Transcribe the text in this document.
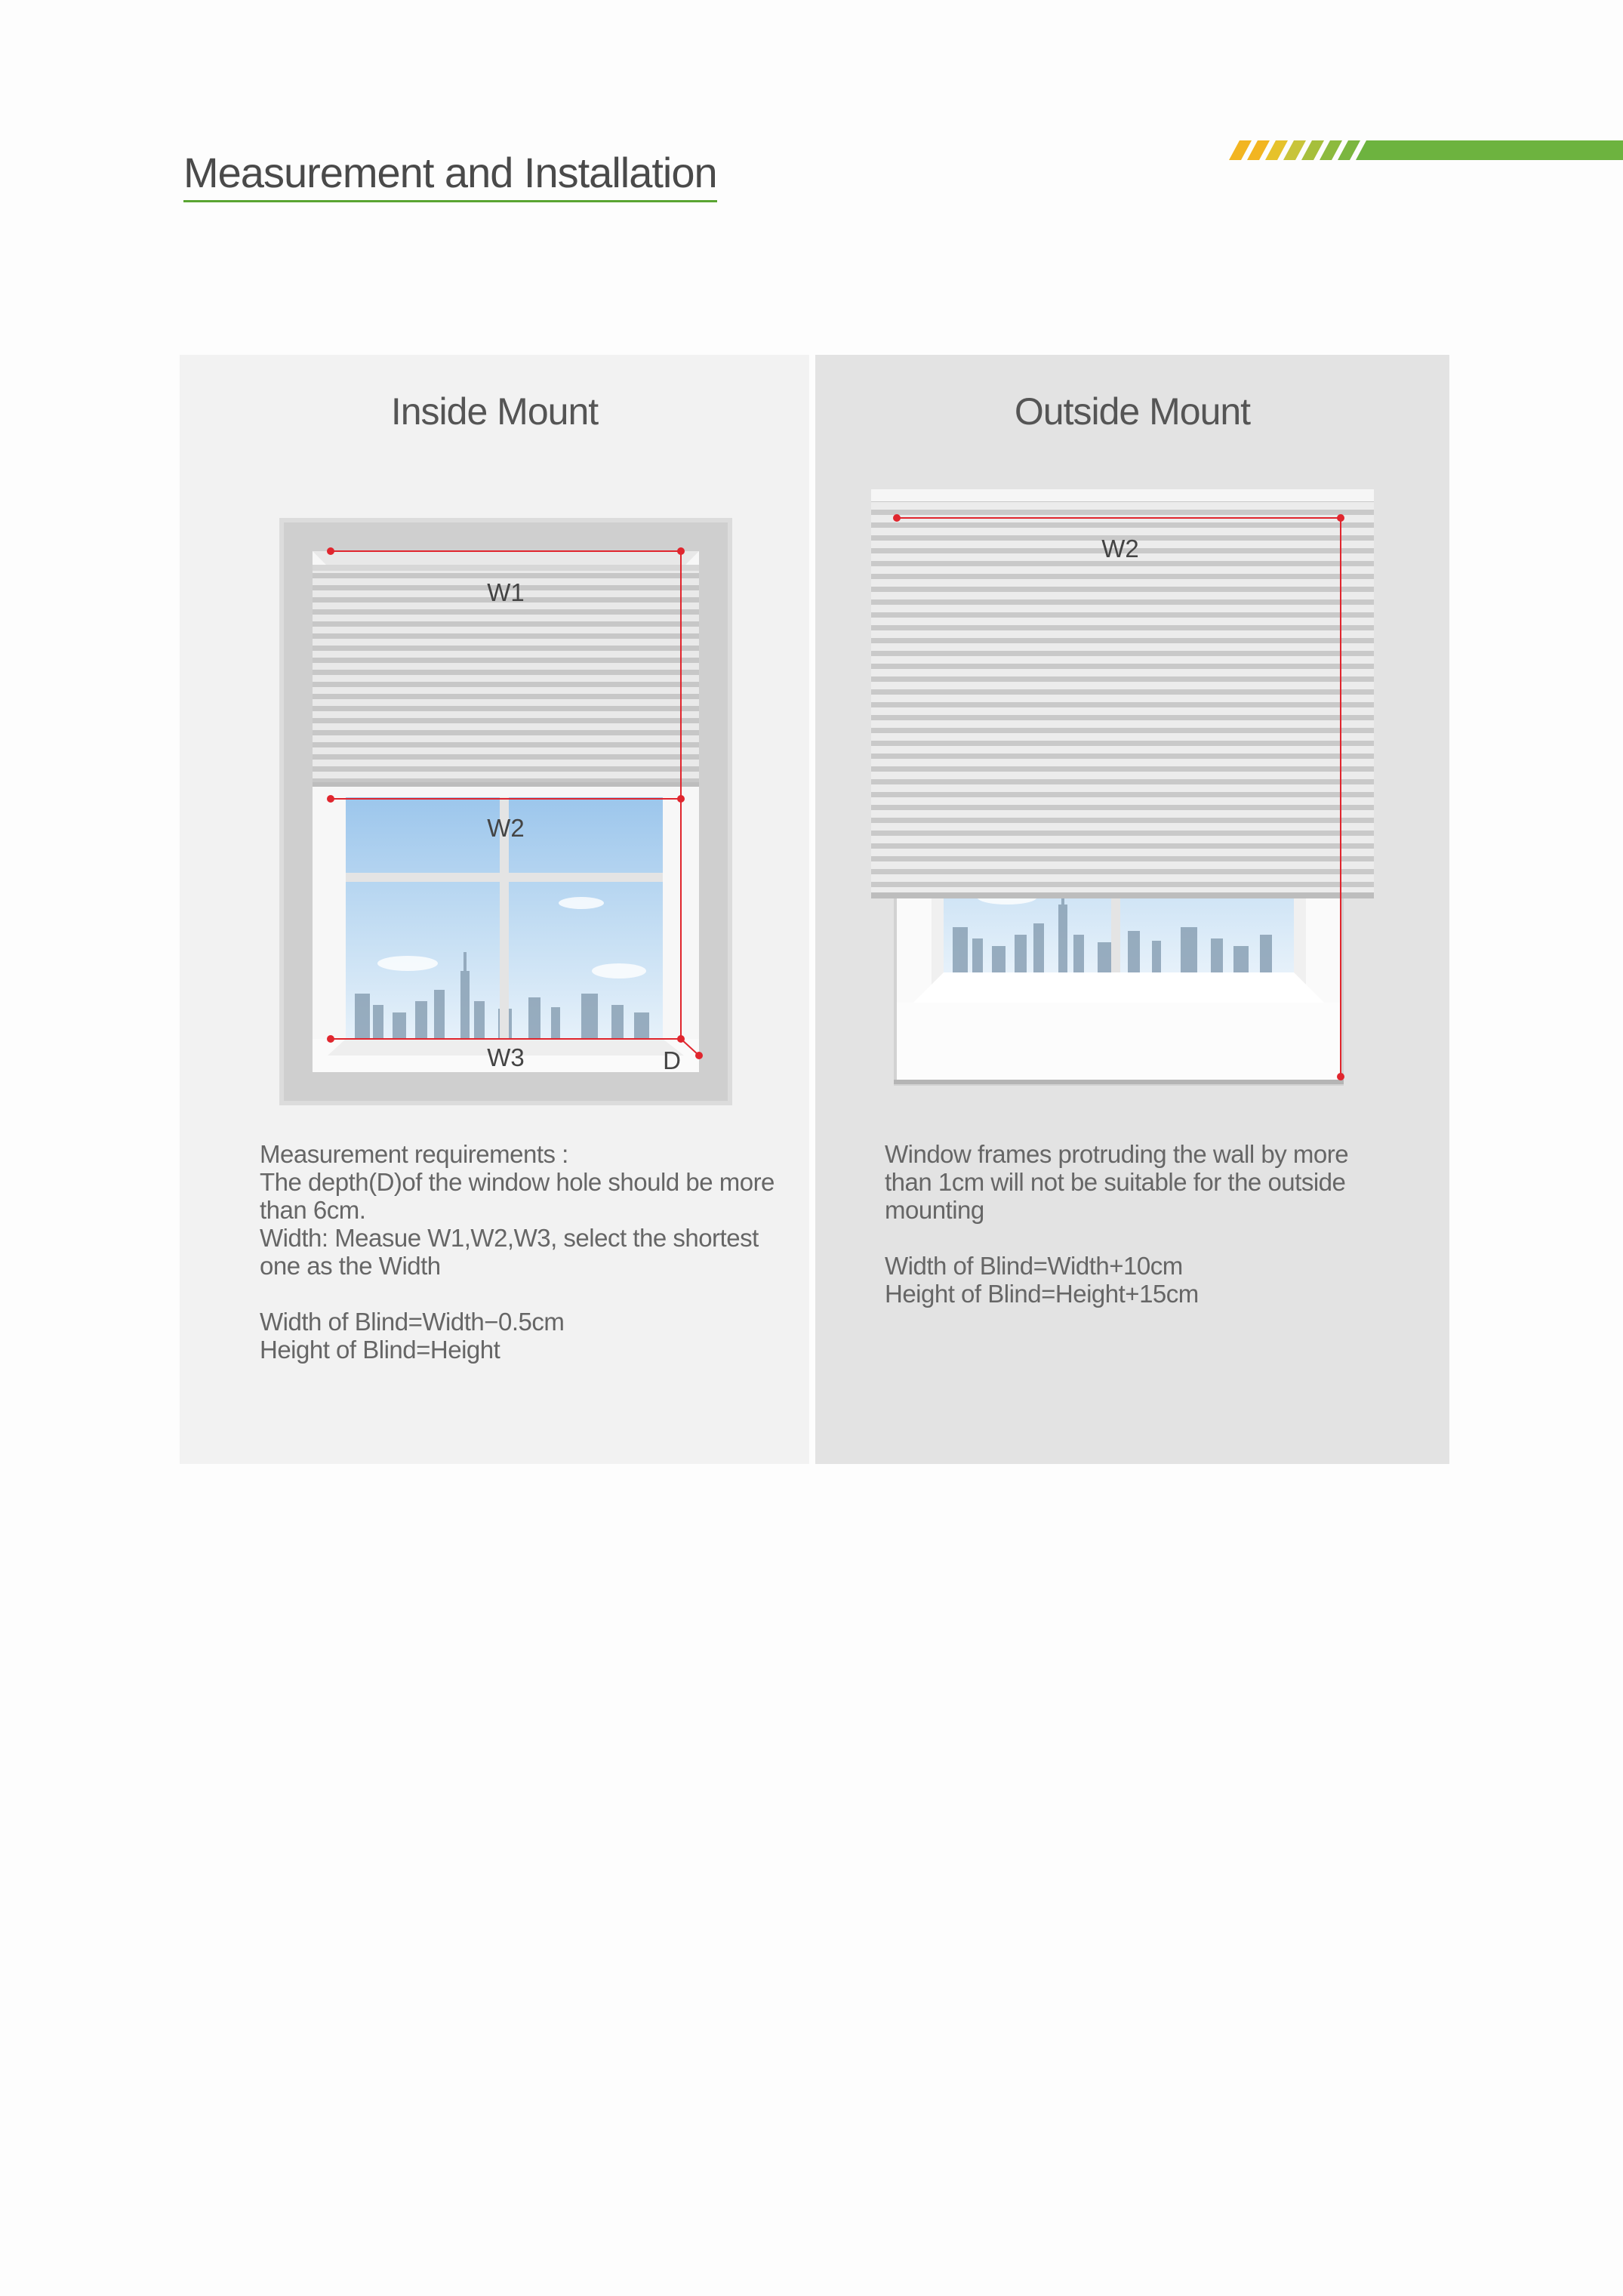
Measurement and Installation
Inside Mount
W1
W2
W3	D

Measurement requirements :

The depth(D)of the window hole should be more

than 6cm.

Width: Measue W1,W2,W3, select the shortest

one as the Width

Width of Blind=Width−0.5cm

Height of Blind=Height

Outside Mount
W2

Window frames protruding the wall by more

than 1cm will not be suitable for the outside

mounting

Width of Blind=Width+10cm

Height of Blind=Height+15cm
